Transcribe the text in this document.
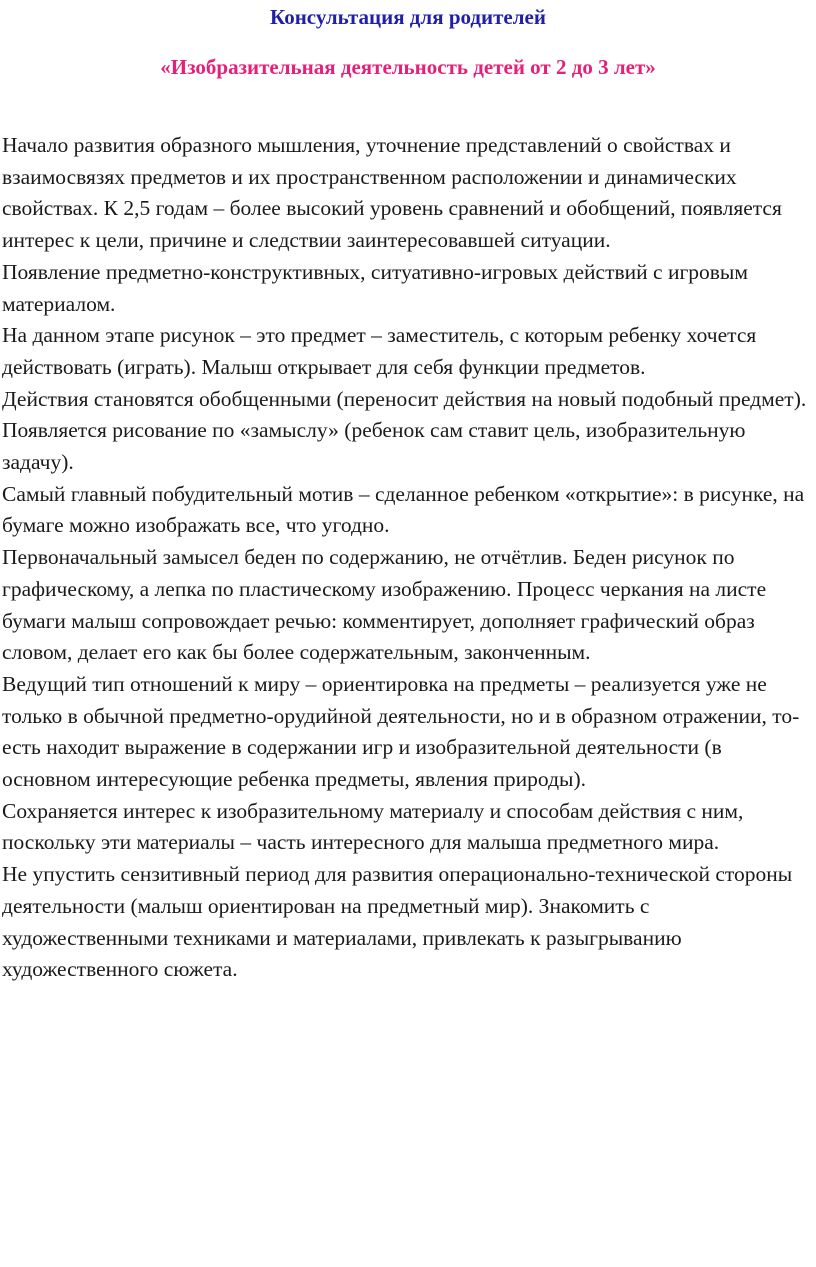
Консультация для родителей
«Изобразительная деятельность детей от 2 до 3 лет»

Начало развития образного мышления, уточнение представлений о свойствах и взаимосвязях предметов и их пространственном расположении и динамических свойствах. К 2,5 годам – более высокий уровень сравнений и обобщений, появляется интерес к цели, причине и следствии заинтересовавшей ситуации.

Появление предметно-конструктивных, ситуативно-игровых действий с игровым материалом.

На данном этапе рисунок – это предмет – заместитель, с которым ребенку хочется действовать (играть). Малыш открывает для себя функции предметов.

Действия становятся обобщенными (переносит действия на новый подобный предмет). Появляется рисование по «замыслу» (ребенок сам ставит цель, изобразительную задачу).

Самый главный побудительный мотив – сделанное ребенком «открытие»: в рисунке, на бумаге можно изображать все, что угодно.

Первоначальный замысел беден по содержанию, не отчётлив. Беден рисунок по графическому, а лепка по пластическому изображению. Процесс черкания на листе бумаги малыш сопровождает речью: комментирует, дополняет графический образ словом, делает его как бы более содержательным, законченным.

Ведущий тип отношений к миру – ориентировка на предметы – реализуется уже не только в обычной предметно-орудийной деятельности, но и в образном отражении, то-есть находит выражение в содержании игр и изобразительной деятельности (в основном интересующие ребенка предметы, явления природы).

Сохраняется интерес к изобразительному материалу и способам действия с ним, поскольку эти материалы – часть интересного для малыша предметного мира.

Не упустить сензитивный период для развития операционально-технической стороны деятельности (малыш ориентирован на предметный мир). Знакомить с художественными техниками и материалами, привлекать к разыгрыванию художественного сюжета.
